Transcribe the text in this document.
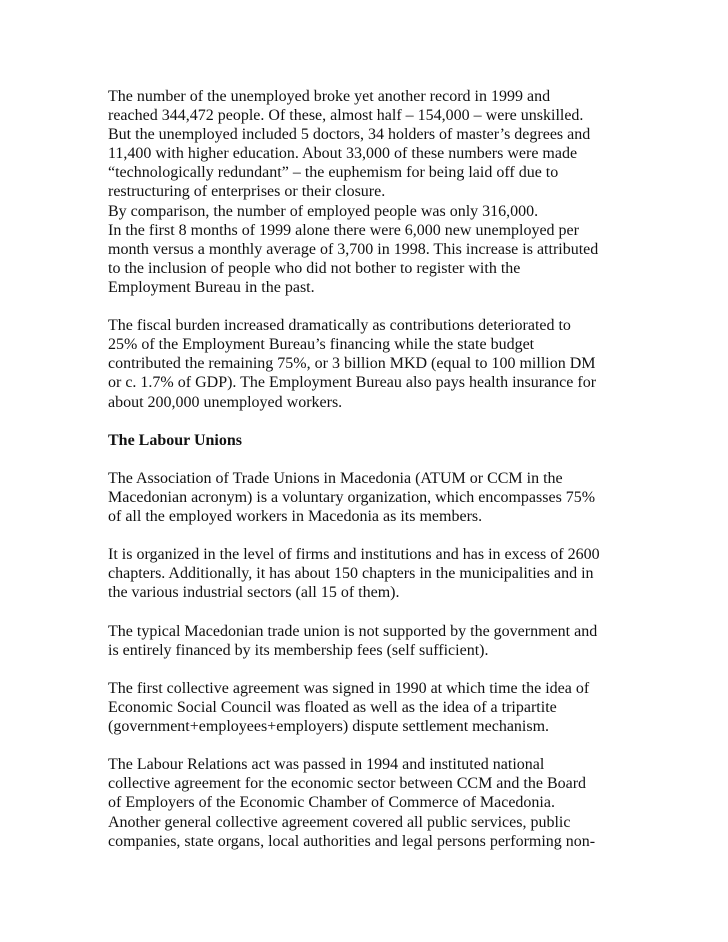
The number of the unemployed broke yet another record in 1999 and
reached 344,472 people. Of these, almost half – 154,000 – were unskilled.
But the unemployed included 5 doctors, 34 holders of master’s degrees and
11,400 with higher education. About 33,000 of these numbers were made
“technologically redundant” – the euphemism for being laid off due to
restructuring of enterprises or their closure.

By comparison, the number of employed people was only 316,000.

In the first 8 months of 1999 alone there were 6,000 new unemployed per
month versus a monthly average of 3,700 in 1998. This increase is attributed
to the inclusion of people who did not bother to register with the
Employment Bureau in the past.

The fiscal burden increased dramatically as contributions deteriorated to
25% of the Employment Bureau’s financing while the state budget
contributed the remaining 75%, or 3 billion MKD (equal to 100 million DM
or c. 1.7% of GDP). The Employment Bureau also pays health insurance for
about 200,000 unemployed workers.

The Labour Unions

The Association of Trade Unions in Macedonia (ATUM or CCM in the
Macedonian acronym) is a voluntary organization, which encompasses 75%
of all the employed workers in Macedonia as its members.

It is organized in the level of firms and institutions and has in excess of 2600
chapters. Additionally, it has about 150 chapters in the municipalities and in
the various industrial sectors (all 15 of them).

The typical Macedonian trade union is not supported by the government and
is entirely financed by its membership fees (self sufficient).

The first collective agreement was signed in 1990 at which time the idea of
Economic Social Council was floated as well as the idea of a tripartite
(government+employees+employers) dispute settlement mechanism.

The Labour Relations act was passed in 1994 and instituted national
collective agreement for the economic sector between CCM and the Board
of Employers of the Economic Chamber of Commerce of Macedonia.
Another general collective agreement covered all public services, public
companies, state organs, local authorities and legal persons performing non-
